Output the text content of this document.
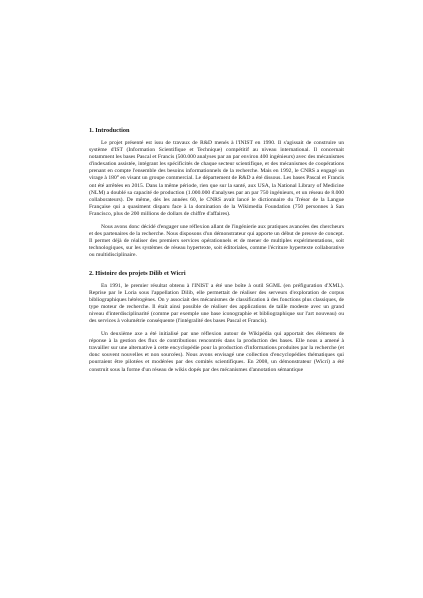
1. Introduction

Le projet présenté est issu de travaux de R&D menés à l'INIST en 1990. Il s'agissait de construire un système d'IST (Information Scientifique et Technique) compétitif au niveau international. Il concernait notamment les bases Pascal et Francis (500.000 analyses par an par environ 400 ingénieurs) avec des mécanismes d'indexation assistée, intégrant les spécificités de chaque secteur scientifique, et des mécanismes de coopérations prenant en compte l'ensemble des besoins informationnels de la recherche. Mais en 1992, le CNRS a engagé un virage à 180° en visant un groupe commercial. Le département de R&D a été dissous. Les bases Pascal et Francis ont été arrêtées en 2015. Dans la même période, rien que sur la santé, aux USA, la National Library of Medicine (NLM) a doublé sa capacité de production (1.000.000 d'analyses par an par 750 ingénieurs, et un réseau de 8.000 collaborateurs). De même, dès les années 60, le CNRS avait lancé le dictionnaire du Trésor de la Langue Française qui a quasiment disparu face à la domination de la Wikimedia Foundation (750 personnes à San Francisco, plus de 200 millions de dollars de chiffre d'affaires).

Nous avons donc décidé d'engager une réflexion allant de l'ingénierie aux pratiques avancées des chercheurs et des partenaires de la recherche. Nous disposons d'un démonstrateur qui apporte un début de preuve de concept. Il permet déjà de réaliser des premiers services opérationnels et de mener de multiples expérimentations, soit technologiques, sur les systèmes de réseau hypertexte, soit éditoriales, comme l'écriture hypertexte collaborative ou multidisciplinaire.

2. Histoire des projets Dilib et Wicri

En 1991, le premier résultat obtenu à l'INIST a été une boîte à outil SGML (en préfiguration d'XML). Reprise par le Loria sous l'appellation Dilib, elle permettait de réaliser des serveurs d'exploration de corpus bibliographiques hétérogènes. On y associait des mécanismes de classification à des fonctions plus classiques, de type moteur de recherche. Il était ainsi possible de réaliser des applications de taille modeste avec un grand niveau d'interdisciplinarité (comme par exemple une base iconographie et bibliographique sur l'art nouveau) ou des services à volumétrie conséquente (l'intégralité des bases Pascal et Francis).

Un deuxième axe a été initialisé par une réflexion autour de Wikipédia qui apportait des éléments de réponse à la gestion des flux de contributions rencontrés dans la production des bases. Elle nous a amené à travailler sur une alternative à cette encyclopédie pour la production d'informations produites par la recherche (et donc souvent nouvelles et non sourcées). Nous avons envisagé une collection d'encyclopédies thématiques qui pourraient être pilotées et modérées par des comités scientifiques. En 2008, un démonstrateur (Wicri) a été construit sous la forme d'un réseau de wikis dopés par des mécanismes d'annotation sémantique
